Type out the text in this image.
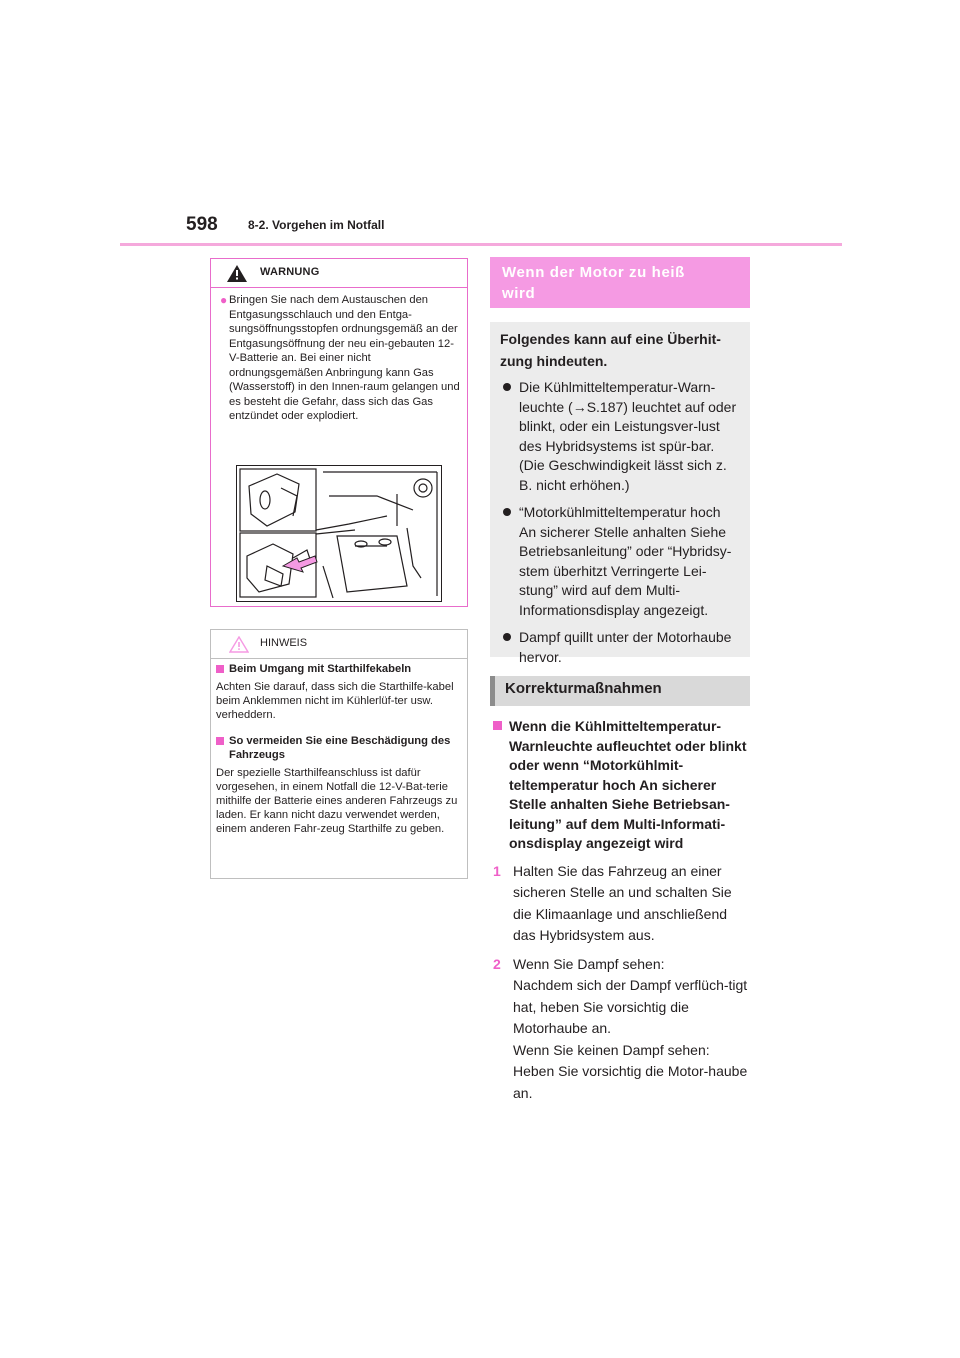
598	8-2. Vorgehen im Notfall
WARNUNG
● Bringen Sie nach dem Austauschen den Entgasungsschlauch und den Entga-sungsöffnungsstopfen ordnungsgemäß an der Entgasungsöffnung der neu ein-gebauten 12-V-Batterie an. Bei einer nicht ordnungsgemäßen Anbringung kann Gas (Wasserstoff) in den Innen-raum gelangen und es besteht die Gefahr, dass sich das Gas entzündet oder explodiert.
HINWEIS
Beim Umgang mit Starthilfekabeln
Achten Sie darauf, dass sich die Starthilfe-kabel beim Anklemmen nicht im Kühlerlüf-ter usw. verheddern.
So vermeiden Sie eine Beschädigung des Fahrzeugs
Der spezielle Starthilfeanschluss ist dafür vorgesehen, in einem Notfall die 12-V-Bat-terie mithilfe der Batterie eines anderen Fahrzeugs zu laden. Er kann nicht dazu verwendet werden, einem anderen Fahr-zeug Starthilfe zu geben.
Wenn der Motor zu heiß
wird
Folgendes kann auf eine Überhit-zung hindeuten.
Die Kühlmitteltemperatur-Warn-leuchte (→S.187) leuchtet auf oder blinkt, oder ein Leistungsver-lust des Hybridsystems ist spür-bar. (Die Geschwindigkeit lässt sich z. B. nicht erhöhen.)
“Motorkühlmitteltemperatur hoch An sicherer Stelle anhalten Siehe Betriebsanleitung” oder “Hybridsy-stem überhitzt Verringerte Lei-stung” wird auf dem Multi-Informationsdisplay angezeigt.
Dampf quillt unter der Motorhaube hervor.
Korrekturmaßnahmen
Wenn die Kühlmitteltemperatur-Warnleuchte aufleuchtet oder blinkt oder wenn “Motorkühlmit-teltemperatur hoch An sicherer Stelle anhalten Siehe Betriebsan-leitung” auf dem Multi-Informati-onsdisplay angezeigt wird
1 Halten Sie das Fahrzeug an einer sicheren Stelle an und schalten Sie die Klimaanlage und anschließend das Hybridsystem aus.
2 Wenn Sie Dampf sehen:
Nachdem sich der Dampf verflüch-tigt hat, heben Sie vorsichtig die Motorhaube an.
Wenn Sie keinen Dampf sehen:
Heben Sie vorsichtig die Motor-haube an.
